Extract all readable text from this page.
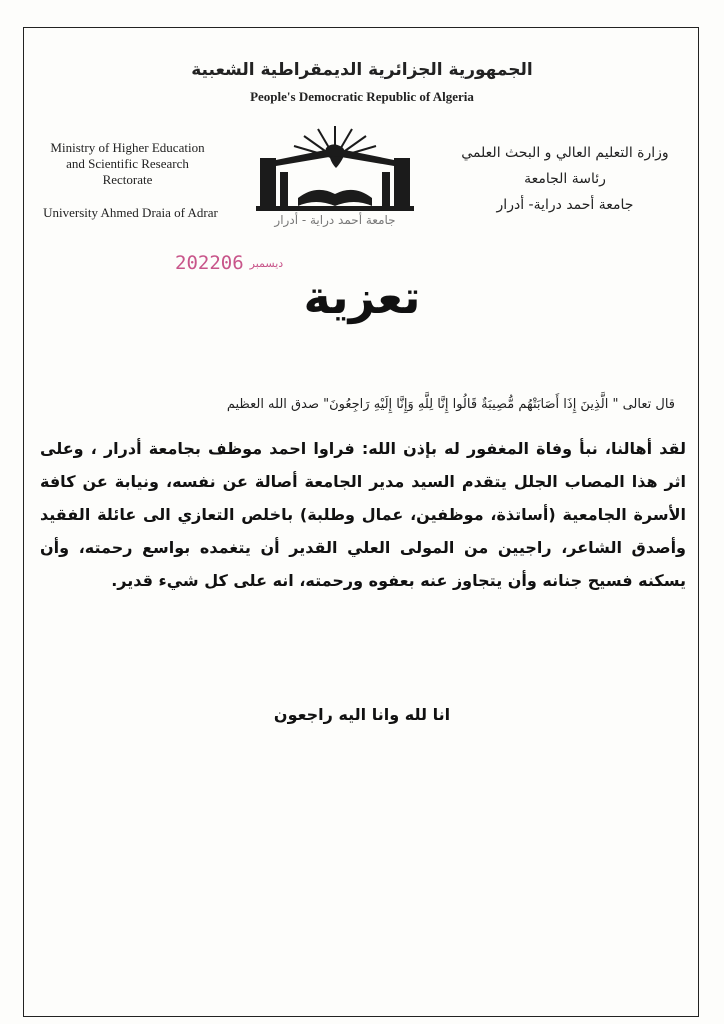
الجمهورية الجزائرية الديمقراطية الشعبية
People's Democratic Republic of Algeria
Ministry of Higher Education
and Scientific Research
Rectorate
University Ahmed Draia of Adrar
وزارة التعليم العالي و البحث العلمي
رئاسة الجامعة
جامعة أحمد دراية- أدرار
جامعة أحمد دراية - أدرار
2022	ديسمبر06
تعزية
قال تعالى " الَّذِينَ إِذَا أَصَابَتْهُم مُّصِيبَةٌ قَالُوا إِنَّا لِلَّهِ وَإِنَّا إِلَيْهِ رَاجِعُونَ" صدق الله العظيم
لقد أهالنا، نبأ وفاة المغفور له بإذن الله: فراوا احمد موظف بجامعة أدرار ، وعلى اثر هذا المصاب الجلل يتقدم السيد مدير الجامعة أصالة عن نفسه، ونيابة عن كافة الأسرة الجامعية (أساتذة، موظفين، عمال وطلبة) باخلص التعازي الى عائلة الفقيد وأصدق الشاعر، راجيين من المولى العلي القدير أن يتغمده بواسع رحمته، وأن يسكنه فسيح جنانه وأن يتجاوز عنه بعفوه ورحمته، انه على كل شيء قدير.
انا لله وانا اليه راجعون
